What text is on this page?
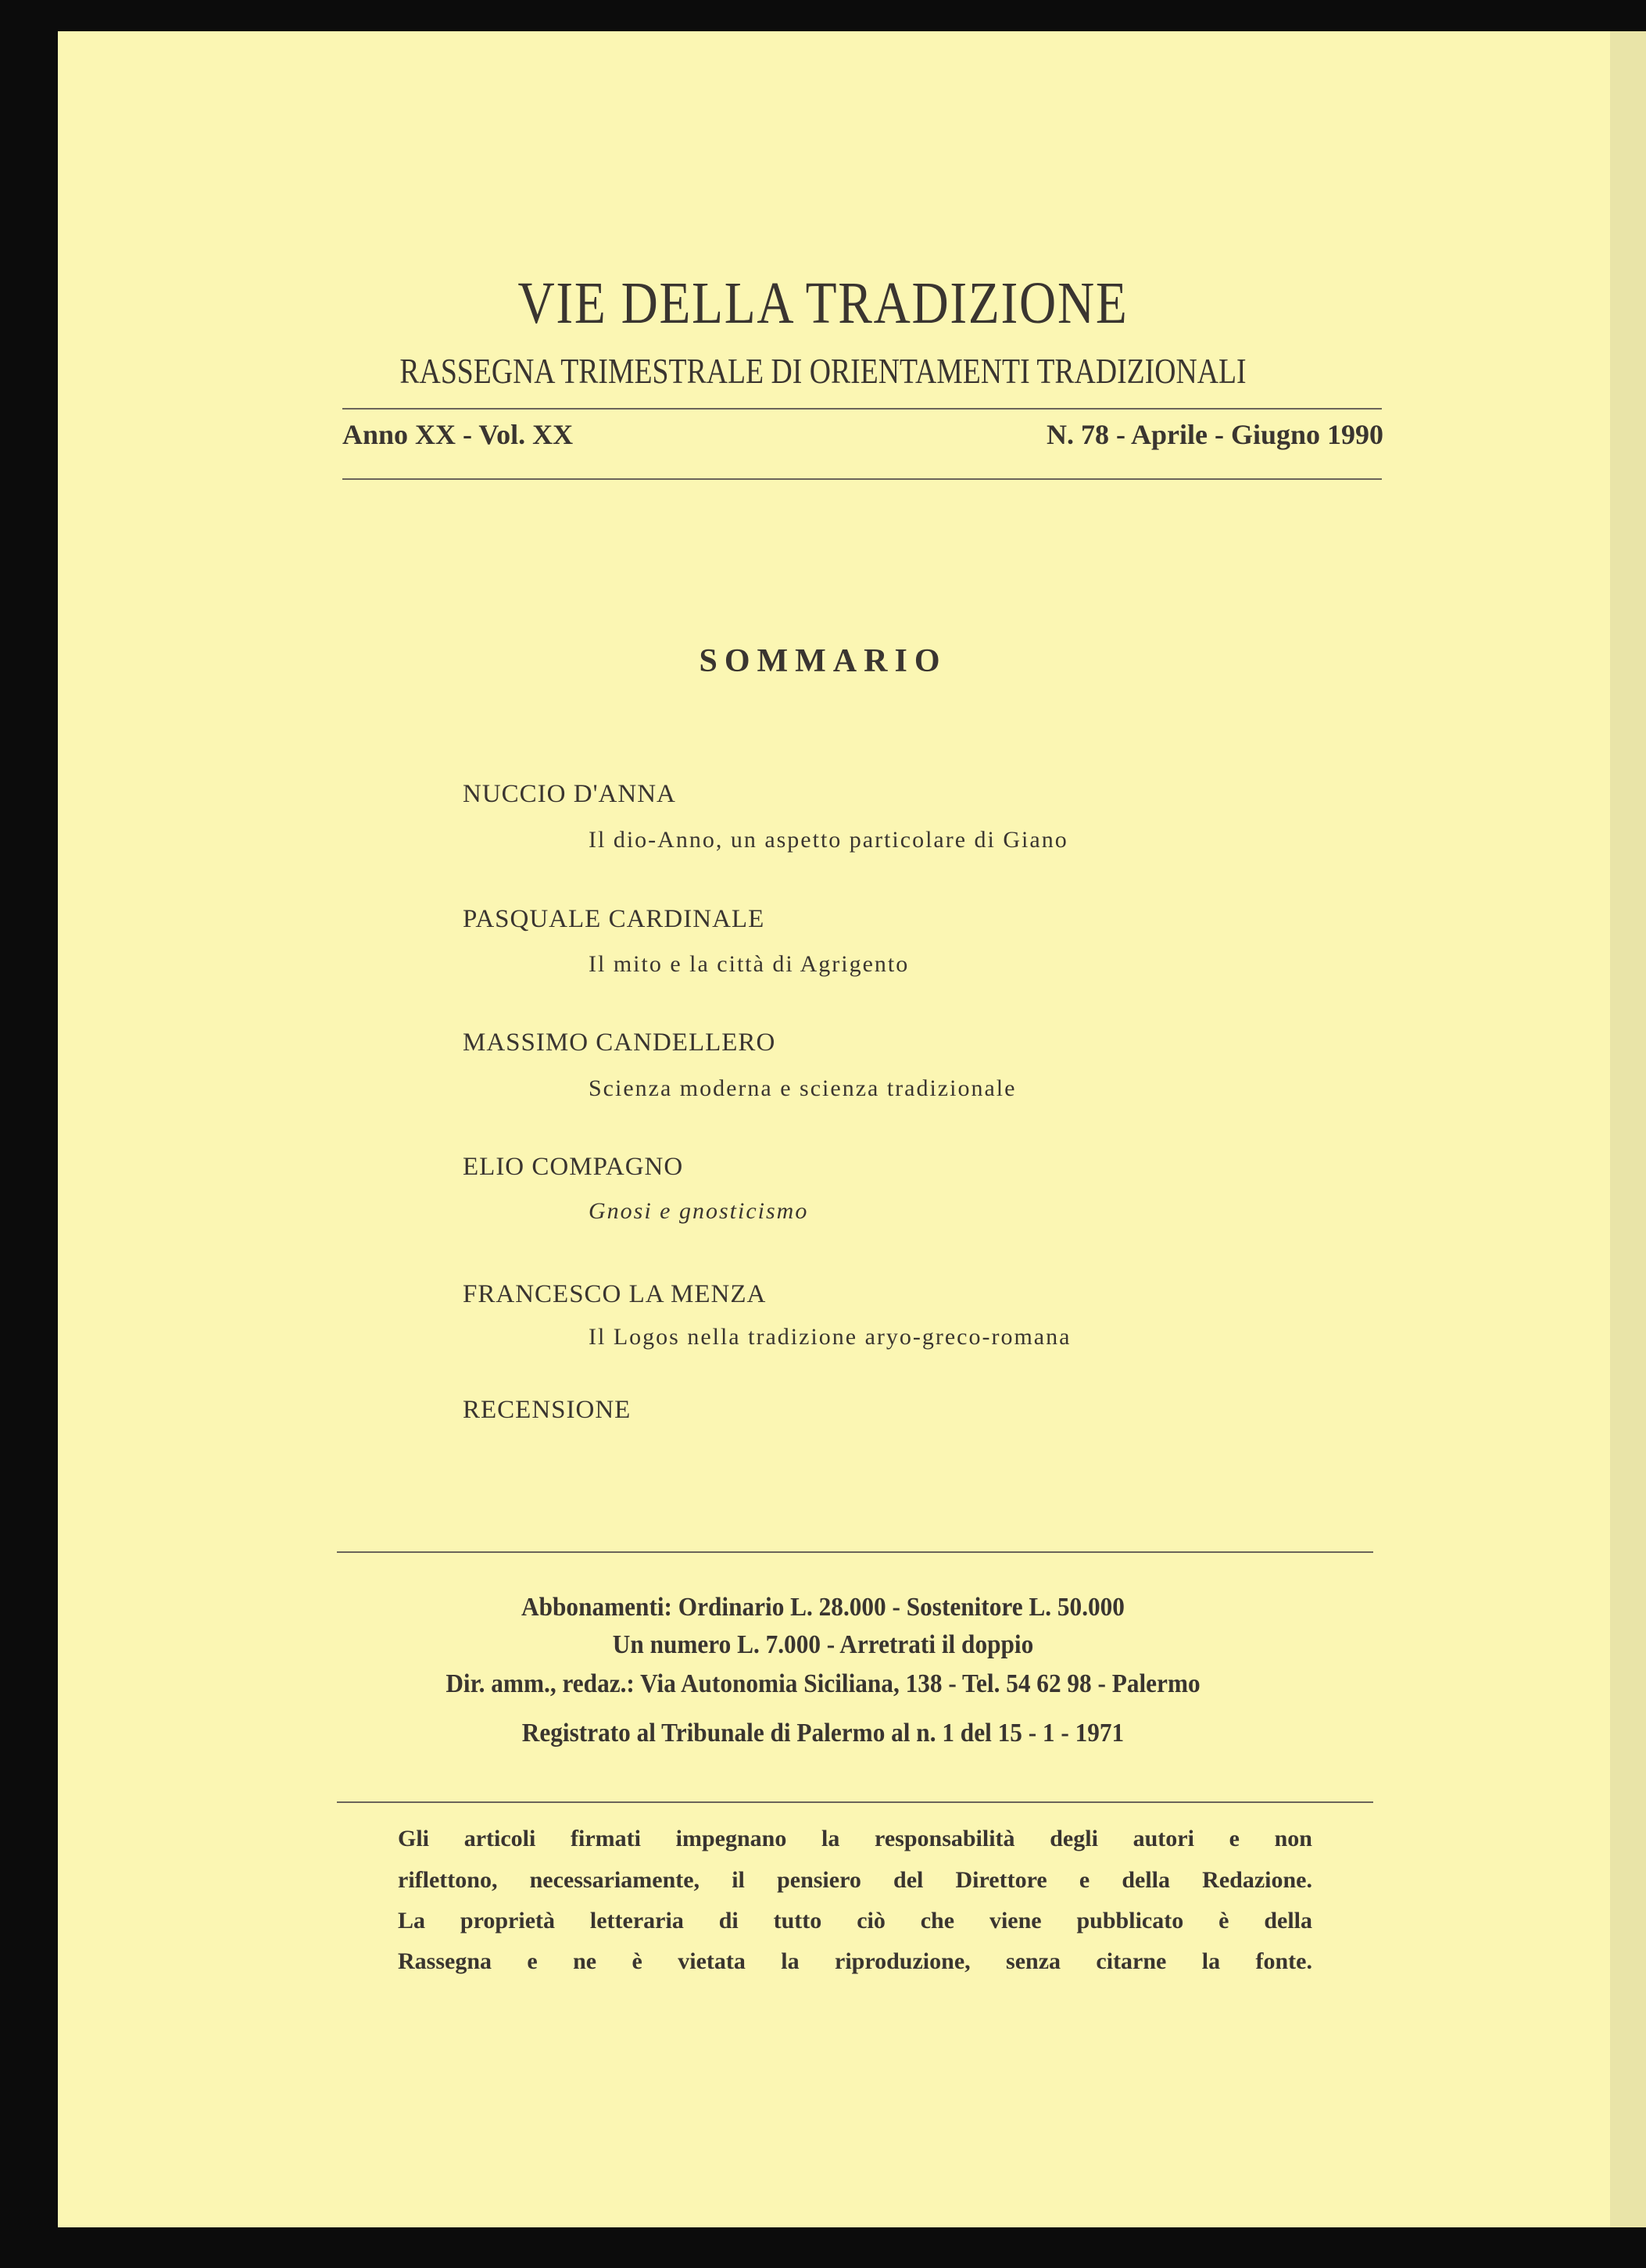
VIE DELLA TRADIZIONE
RASSEGNA TRIMESTRALE DI ORIENTAMENTI TRADIZIONALI
Anno XX - Vol. XX	N. 78 - Aprile - Giugno 1990
SOMMARIO
NUCCIO D'ANNA
Il dio-Anno, un aspetto particolare di Giano
PASQUALE CARDINALE
Il mito e la città di Agrigento
MASSIMO CANDELLERO
Scienza moderna e scienza tradizionale
ELIO COMPAGNO
Gnosi e gnosticismo
FRANCESCO LA MENZA
Il Logos nella tradizione aryo-greco-romana
RECENSIONE
Abbonamenti: Ordinario L. 28.000 - Sostenitore L. 50.000
Un numero L. 7.000 - Arretrati il doppio
Dir. amm., redaz.: Via Autonomia Siciliana, 138 - Tel. 54 62 98 - Palermo
Registrato al Tribunale di Palermo al n. 1 del 15 - 1 - 1971
Gli articoli firmati impegnano la responsabilità degli autori e non
riflettono, necessariamente, il pensiero del Direttore e della Redazione.
La proprietà letteraria di tutto ciò che viene pubblicato è della
Rassegna e ne è vietata la riproduzione, senza citarne la fonte.
